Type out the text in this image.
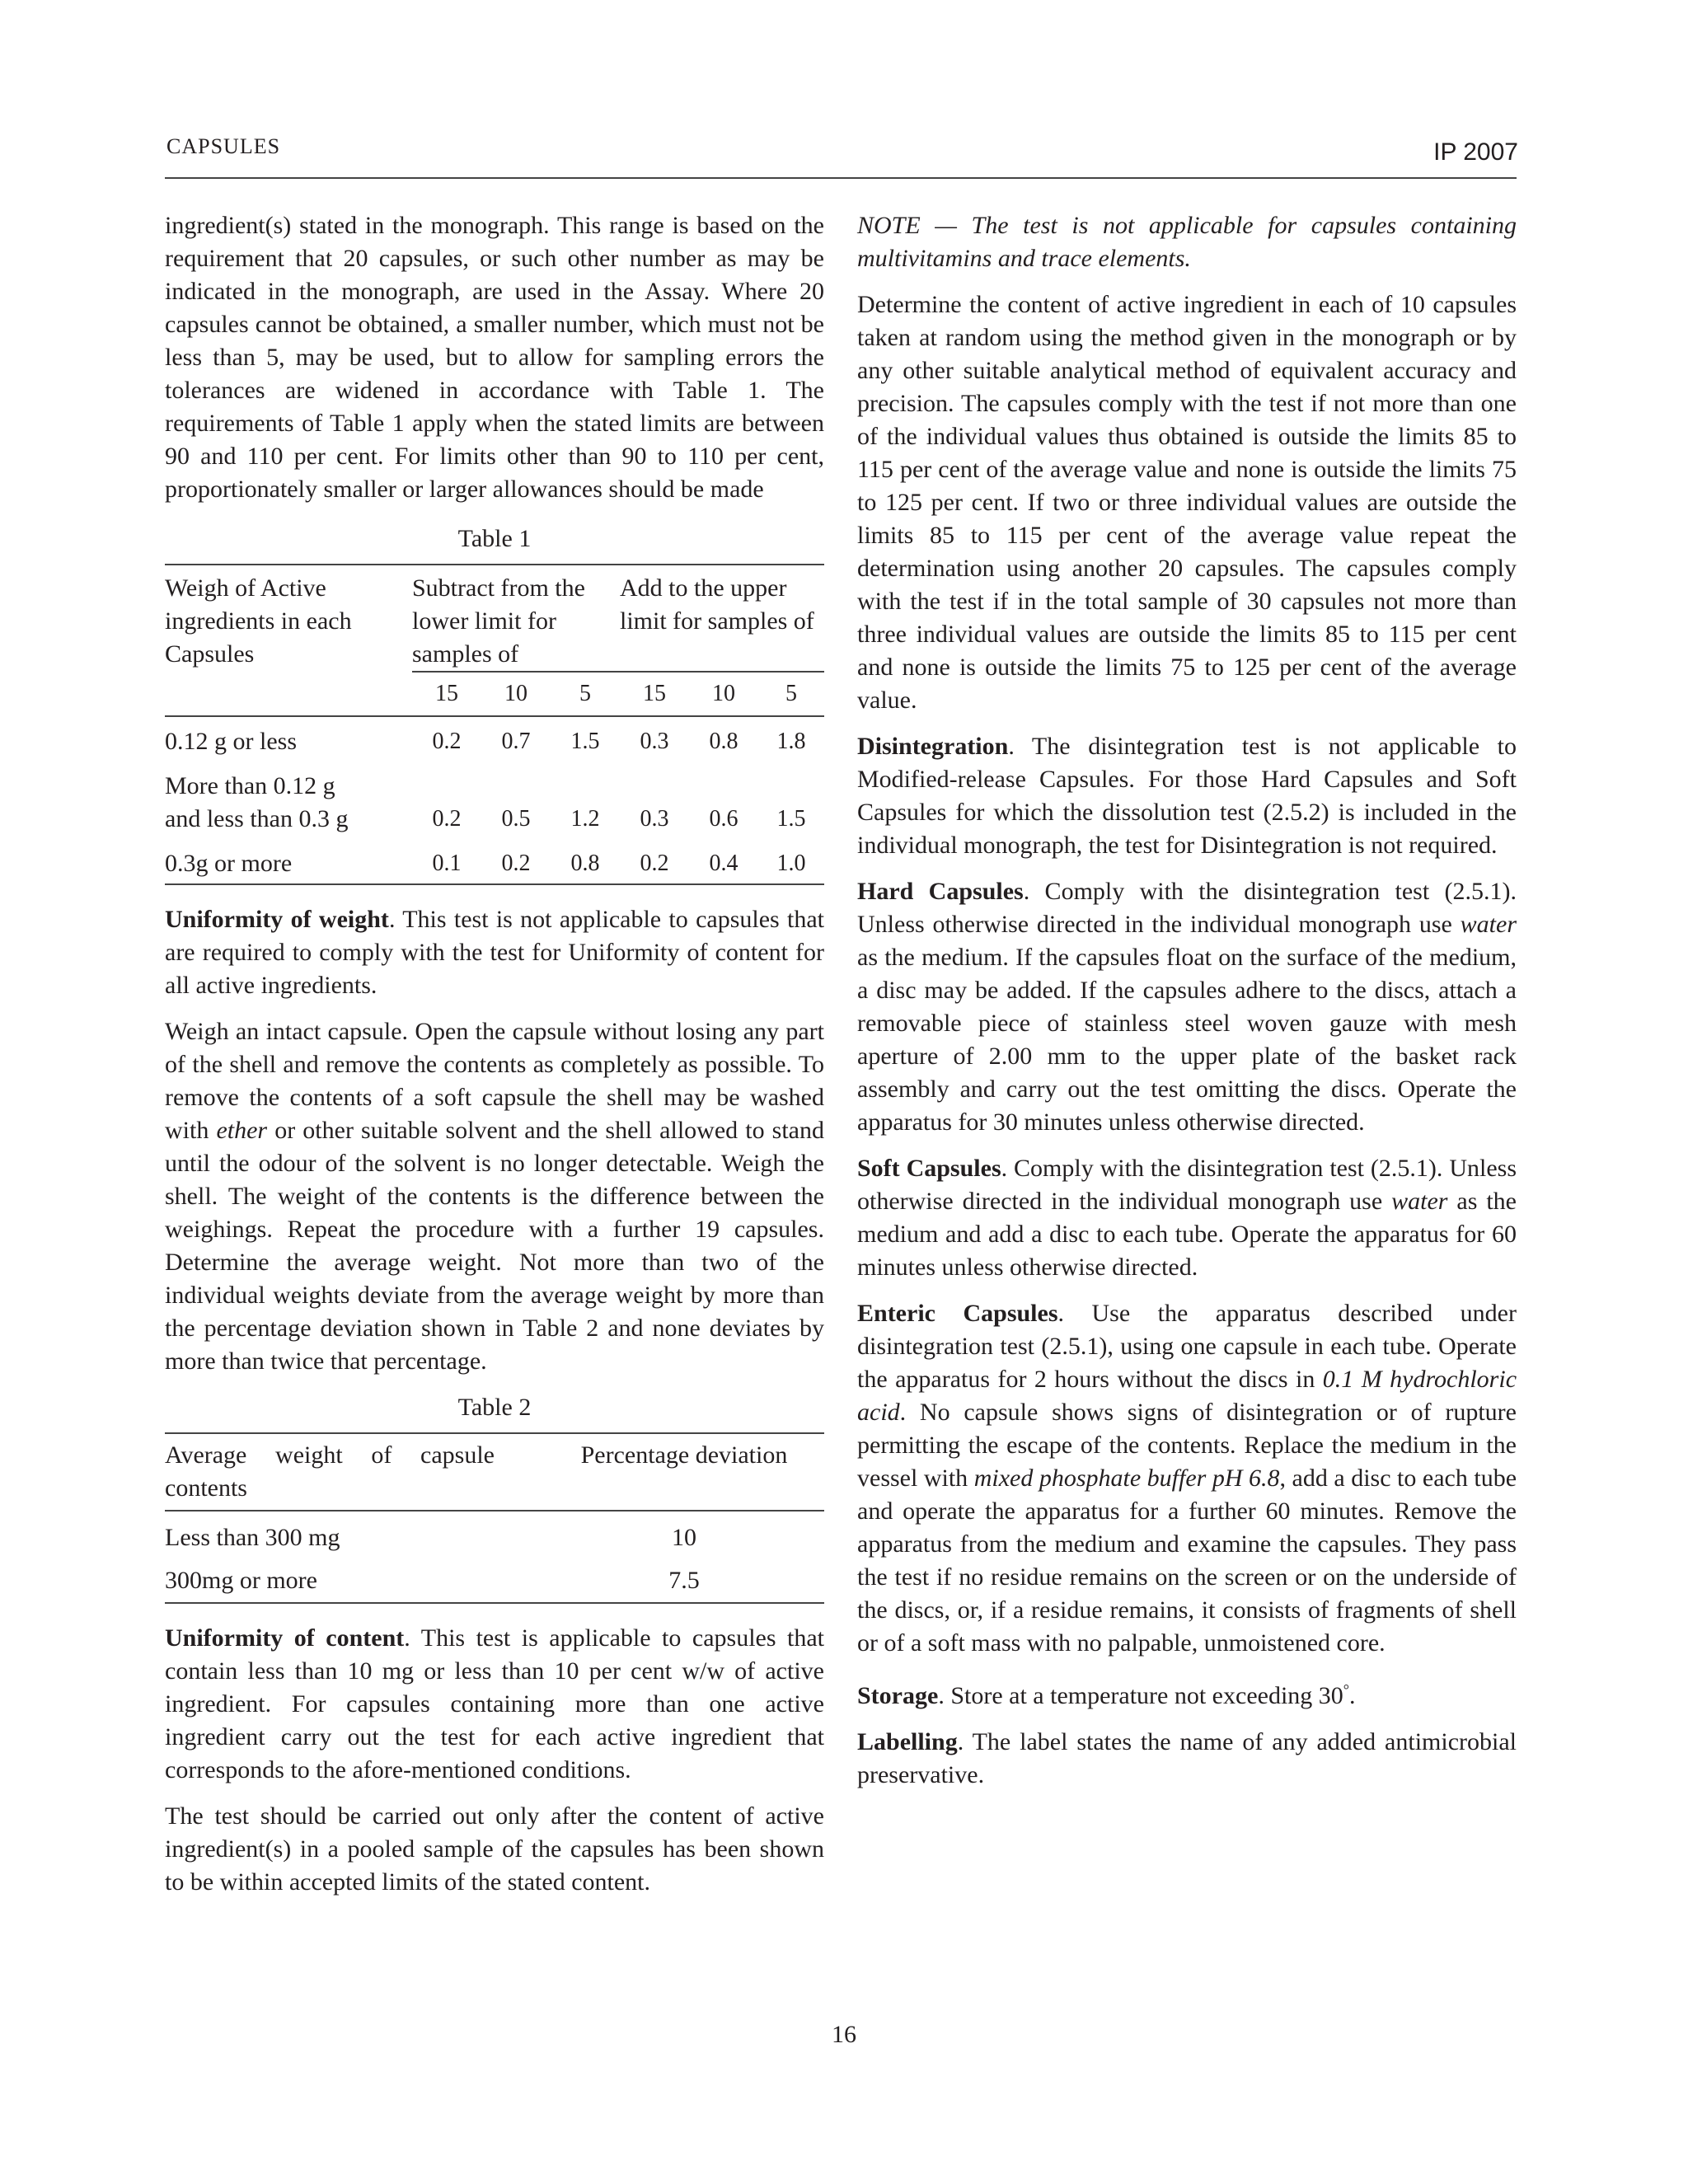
CAPSULES	IP 2007

ingredient(s) stated in the monograph. This range is based on the requirement that 20 capsules, or such other number as may be indicated in the monograph, are used in the Assay. Where 20 capsules cannot be obtained, a smaller number, which must not be less than 5, may be used, but to allow for sampling errors the tolerances are widened in accordance with Table 1. The requirements of Table 1 apply when the stated limits are between 90 and 110 per cent. For limits other than 90 to 110 per cent, proportionately smaller or larger allowances should be made

Table 1
Weigh of Active ingredients in each Capsules	Subtract from the lower limit for samples of			Add to the upper limit for samples of		
	15	10	5	15	10	5
0.12 g or less	0.2	0.7	1.5	0.3	0.8	1.8
More than 0.12 g
and less than 0.3 g	0.2	0.5	1.2	0.3	0.6	1.5
0.3g or more	0.1	0.2	0.8	0.2	0.4	1.0

Uniformity of weight. This test is not applicable to capsules that are required to comply with the test for Uniformity of content for all active ingredients.

Weigh an intact capsule. Open the capsule without losing any part of the shell and remove the contents as completely as possible. To remove the contents of a soft capsule the shell may be washed with ether or other suitable solvent and the shell allowed to stand until the odour of the solvent is no longer detectable. Weigh the shell. The weight of the contents is the difference between the weighings. Repeat the procedure with a further 19 capsules. Determine the average weight. Not more than two of the individual weights deviate from the average weight by more than the percentage deviation shown in Table 2 and none deviates by more than twice that percentage.

Table 2
Average weight of capsule contents	Percentage deviation
Less than 300 mg	10
300mg or more	7.5

Uniformity of content. This test is applicable to capsules that contain less than 10 mg or less than 10 per cent w/w of active ingredient. For capsules containing more than one active ingredient carry out the test for each active ingredient that corresponds to the afore-mentioned conditions.

The test should be carried out only after the content of active ingredient(s) in a pooled sample of the capsules has been shown to be within accepted limits of the stated content.

NOTE — The test is not applicable for capsules containing multivitamins and trace elements.

Determine the content of active ingredient in each of 10 capsules taken at random using the method given in the monograph or by any other suitable analytical method of equivalent accuracy and precision. The capsules comply with the test if not more than one of the individual values thus obtained is outside the limits 85 to 115 per cent of the average value and none is outside the limits 75 to 125 per cent. If two or three individual values are outside the limits 85 to 115 per cent of the average value repeat the determination using another 20 capsules. The capsules comply with the test if in the total sample of 30 capsules not more than three individual values are outside the limits 85 to 115 per cent and none is outside the limits 75 to 125 per cent of the average value.

Disintegration. The disintegration test is not applicable to Modified-release Capsules. For those Hard Capsules and Soft Capsules for which the dissolution test (2.5.2) is included in the individual monograph, the test for Disintegration is not required.

Hard Capsules. Comply with the disintegration test (2.5.1). Unless otherwise directed in the individual monograph use water as the medium. If the capsules float on the surface of the medium, a disc may be added. If the capsules adhere to the discs, attach a removable piece of stainless steel woven gauze with mesh aperture of 2.00 mm to the upper plate of the basket rack assembly and carry out the test omitting the discs. Operate the apparatus for 30 minutes unless otherwise directed.

Soft Capsules. Comply with the disintegration test (2.5.1). Unless otherwise directed in the individual monograph use water as the medium and add a disc to each tube. Operate the apparatus for 60 minutes unless otherwise directed.

Enteric Capsules. Use the apparatus described under disintegration test (2.5.1), using one capsule in each tube. Operate the apparatus for 2 hours without the discs in 0.1 M hydrochloric acid. No capsule shows signs of disintegration or of rupture permitting the escape of the contents. Replace the medium in the vessel with mixed phosphate buffer pH 6.8, add a disc to each tube and operate the apparatus for a further 60 minutes. Remove the apparatus from the medium and examine the capsules. They pass the test if no residue remains on the screen or on the underside of the discs, or, if a residue remains, it consists of fragments of shell or of a soft mass with no palpable, unmoistened core.

Storage. Store at a temperature not exceeding 30°.

Labelling. The label states the name of any added antimicrobial preservative.

16
